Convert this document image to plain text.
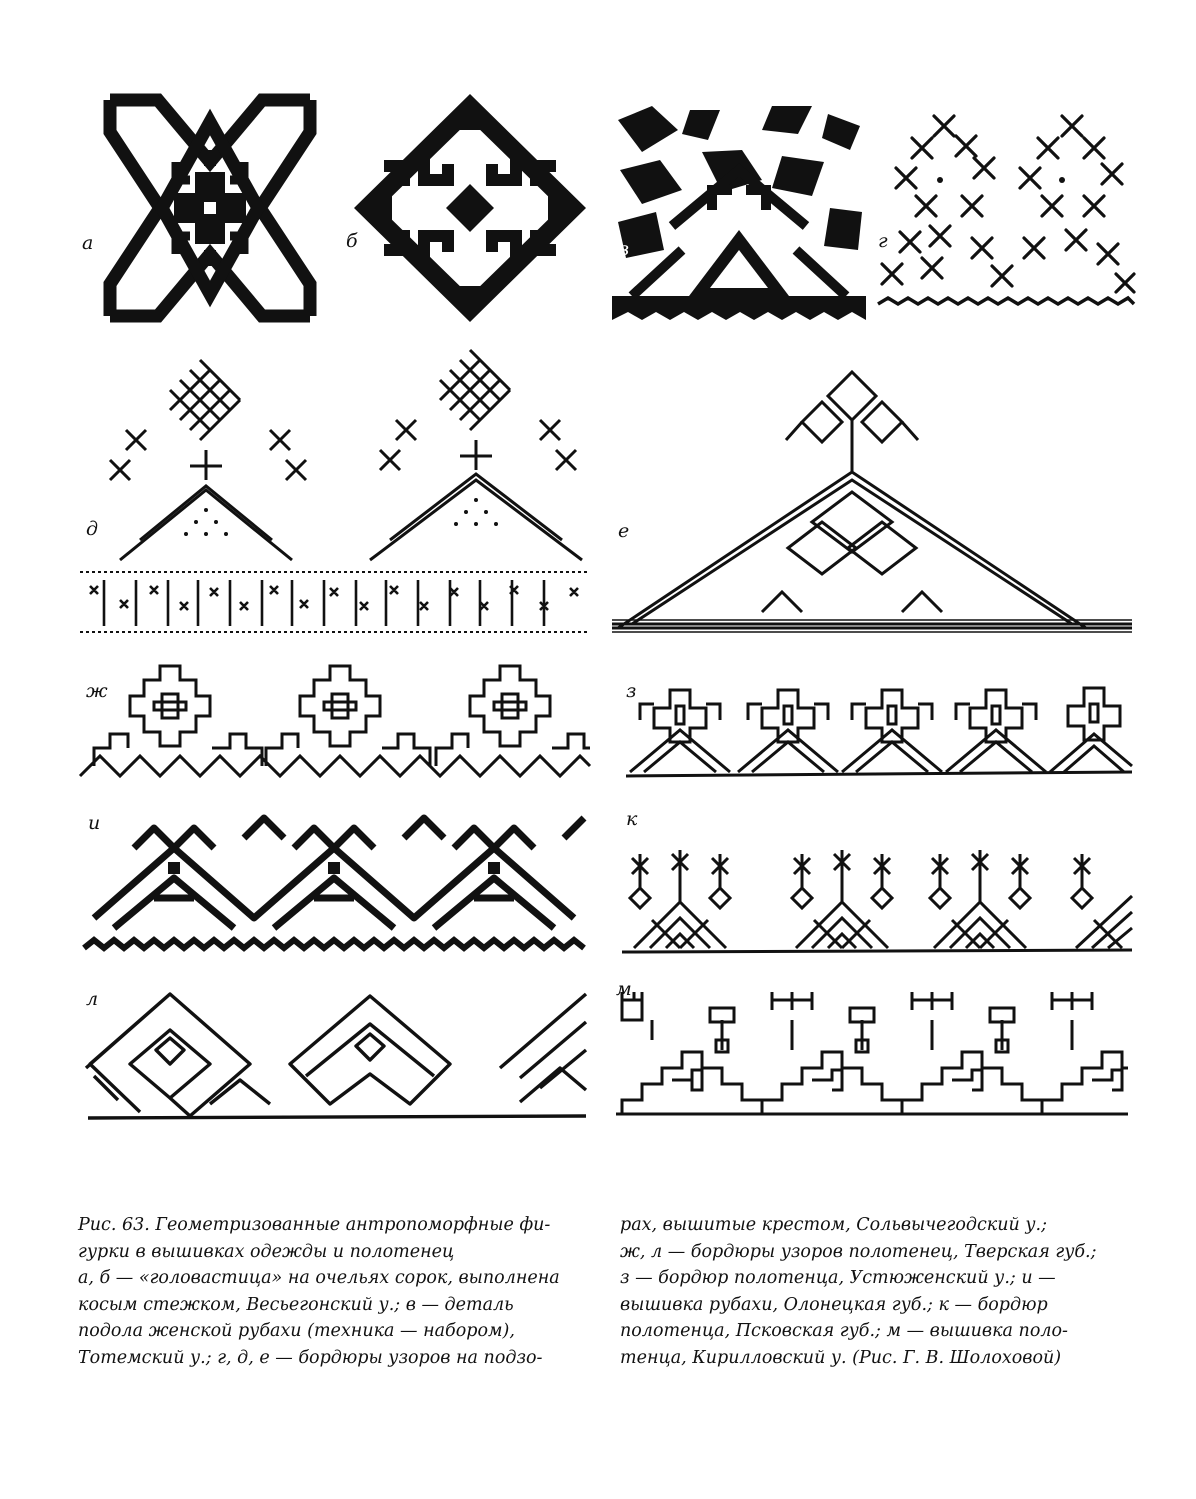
а	б	в	г
д	е
ж	з
и	к
л	м

Рис. 63. Геометризованные антропоморфные фи-

гурки в вышивках одежды и полотенец

а, б — «головастица» на очельях сорок, выполнена

косым стежком, Весьегонский у.; в — деталь

подола женской рубахи (техника — набором),

Тотемский у.; г, д, е — бордюры узоров на подзо-

рах, вышитые крестом, Сольвычегодский у.;

ж, л — бордюры узоров полотенец, Тверская губ.;

з — бордюр полотенца, Устюженский у.; и —

вышивка рубахи, Олонецкая губ.; к — бордюр

полотенца, Псковская губ.; м — вышивка поло-

тенца, Кирилловский у. (Рис. Г. В. Шолоховой)
